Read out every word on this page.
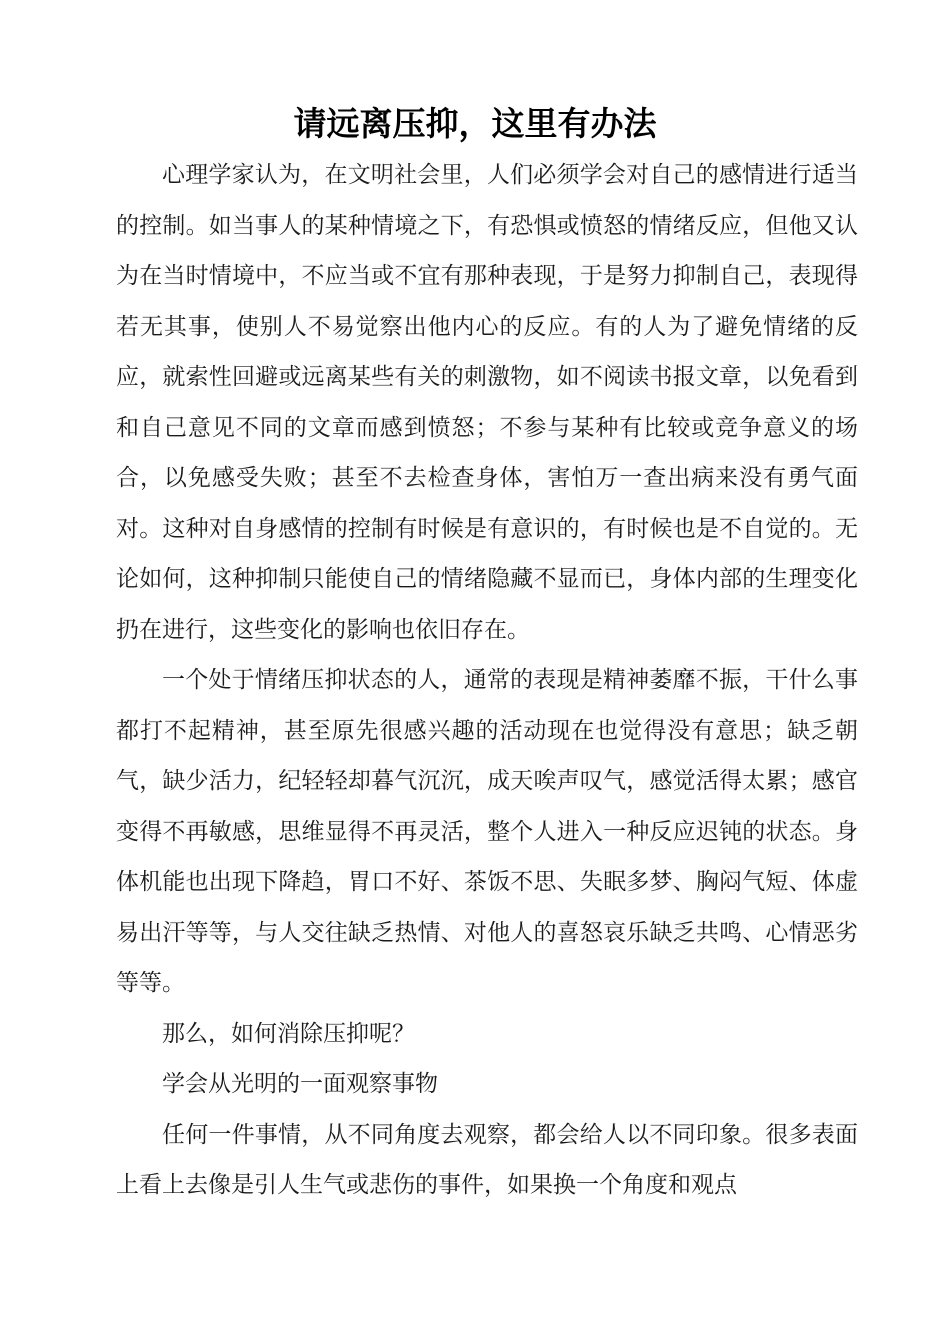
请远离压抑，这里有办法

心理学家认为，在文明社会里，人们必须学会对自己的感情进行适当的控制。如当事人的某种情境之下，有恐惧或愤怒的情绪反应，但他又认为在当时情境中，不应当或不宜有那种表现，于是努力抑制自己，表现得若无其事，使别人不易觉察出他内心的反应。有的人为了避免情绪的反应，就索性回避或远离某些有关的刺激物，如不阅读书报文章，以免看到和自己意见不同的文章而感到愤怒；不参与某种有比较或竞争意义的场合，以免感受失败；甚至不去检查身体，害怕万一查出病来没有勇气面对。这种对自身感情的控制有时候是有意识的，有时候也是不自觉的。无论如何，这种抑制只能使自己的情绪隐藏不显而已，身体内部的生理变化扔在进行，这些变化的影响也依旧存在。

一个处于情绪压抑状态的人，通常的表现是精神萎靡不振，干什么事都打不起精神，甚至原先很感兴趣的活动现在也觉得没有意思；缺乏朝气，缺少活力，纪轻轻却暮气沉沉，成天唉声叹气，感觉活得太累；感官变得不再敏感，思维显得不再灵活，整个人进入一种反应迟钝的状态。身体机能也出现下降趋，胃口不好、茶饭不思、失眠多梦、胸闷气短、体虚易出汗等等，与人交往缺乏热情、对他人的喜怒哀乐缺乏共鸣、心情恶劣等等。

那么，如何消除压抑呢？

学会从光明的一面观察事物

任何一件事情，从不同角度去观察，都会给人以不同印象。很多表面上看上去像是引人生气或悲伤的事件，如果换一个角度和观点
